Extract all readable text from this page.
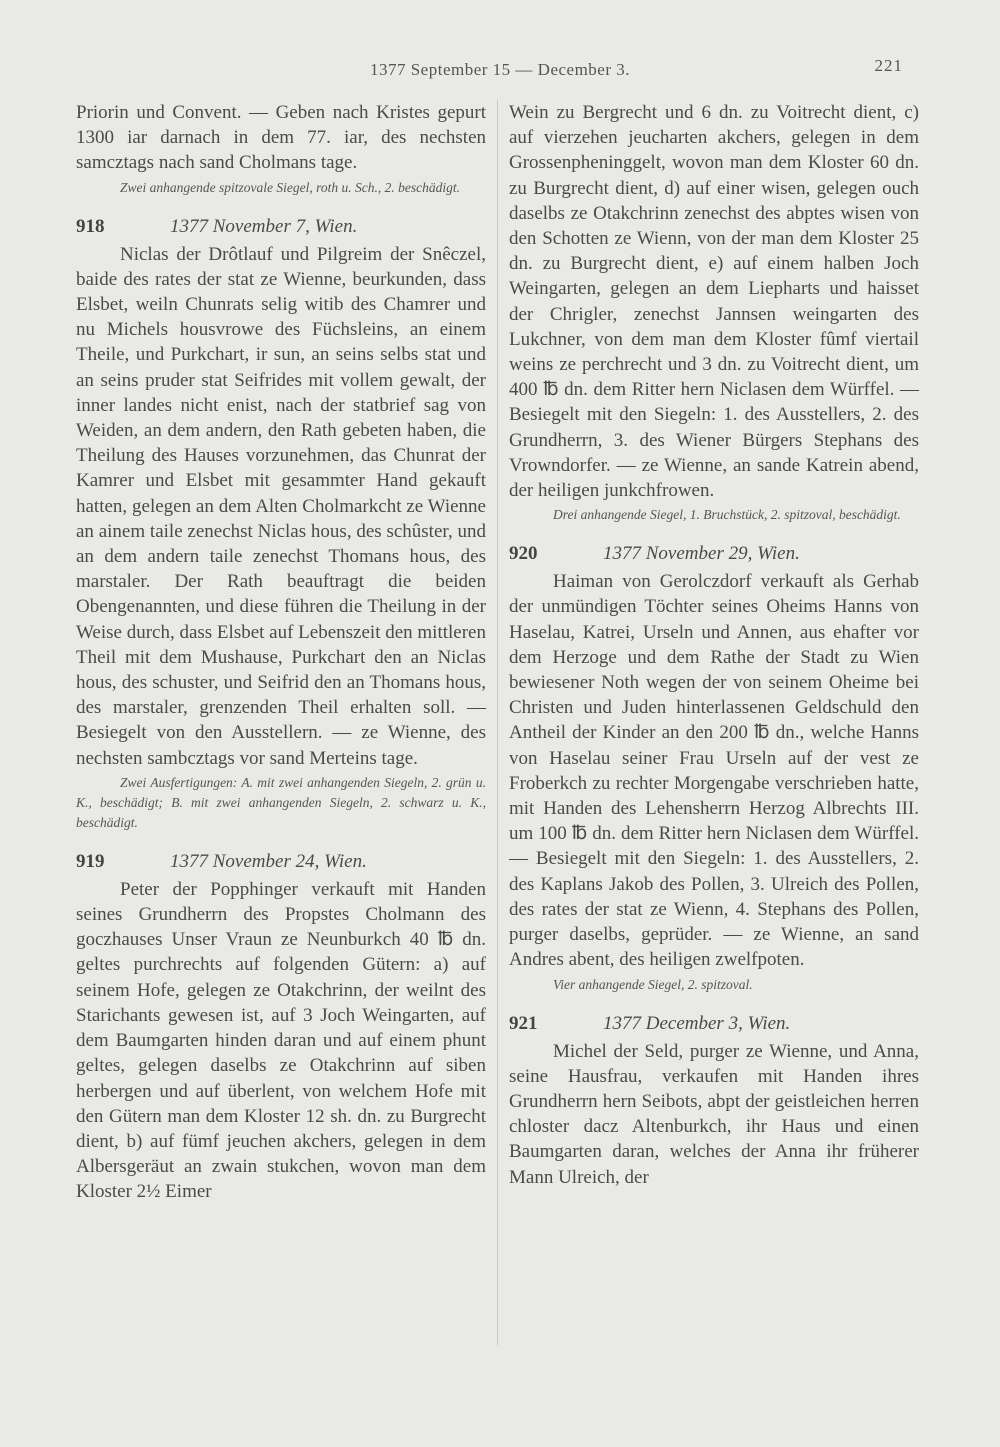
1377 September 15 — December 3.	221

Priorin und Convent. — Geben nach Kristes gepurt 1300 iar darnach in dem 77. iar, des nechsten samcztags nach sand Cholmans tage.

Zwei anhangende spitzovale Siegel, roth u. Sch., 2. beschädigt.

918	1377 November 7, Wien.

Niclas der Drôtlauf und Pilgreim der Snêczel, baide des rates der stat ze Wienne, beurkunden, dass Elsbet, weiln Chunrats selig witib des Chamrer und nu Michels housvrowe des Füchsleins, an einem Theile, und Purkchart, ir sun, an seins selbs stat und an seins pruder stat Seifrides mit vollem gewalt, der inner landes nicht enist, nach der statbrief sag von Weiden, an dem andern, den Rath gebeten haben, die Theilung des Hauses vorzunehmen, das Chunrat der Kamrer und Elsbet mit gesammter Hand gekauft hatten, gelegen an dem Alten Cholmarkcht ze Wienne an ainem taile zenechst Niclas hous, des schûster, und an dem andern taile zenechst Thomans hous, des marstaler. Der Rath beauftragt die beiden Obengenannten, und diese führen die Theilung in der Weise durch, dass Elsbet auf Lebenszeit den mittleren Theil mit dem Mushause, Purkchart den an Niclas hous, des schuster, und Seifrid den an Thomans hous, des marstaler, grenzenden Theil erhalten soll. — Besiegelt von den Ausstellern. — ze Wienne, des nechsten sambcztags vor sand Merteins tage.

Zwei Ausfertigungen: A. mit zwei anhangenden Siegeln, 2. grün u. K., beschädigt; B. mit zwei anhangenden Siegeln, 2. schwarz u. K., beschädigt.

919	1377 November 24, Wien.

Peter der Popphinger verkauft mit Handen seines Grundherrn des Propstes Cholmann des goczhauses Unser Vraun ze Neunburkch 40 ℔ dn. geltes purchrechts auf folgenden Gütern: a) auf seinem Hofe, gelegen ze Otakchrinn, der weilnt des Starichants gewesen ist, auf 3 Joch Weingarten, auf dem Baumgarten hinden daran und auf einem phunt geltes, gelegen daselbs ze Otakchrinn auf siben herbergen und auf überlent, von welchem Hofe mit den Gütern man dem Kloster 12 sh. dn. zu Burgrecht dient, b) auf fümf jeuchen akchers, gelegen in dem Albersgeräut an zwain stukchen, wovon man dem Kloster 2½ Eimer

Wein zu Bergrecht und 6 dn. zu Voitrecht dient, c) auf vierzehen jeucharten akchers, gelegen in dem Grossenpheninggelt, wovon man dem Kloster 60 dn. zu Burgrecht dient, d) auf einer wisen, gelegen ouch daselbs ze Otakchrinn zenechst des abptes wisen von den Schotten ze Wienn, von der man dem Kloster 25 dn. zu Burgrecht dient, e) auf einem halben Joch Weingarten, gelegen an dem Liepharts und haisset der Chrigler, zenechst Jannsen weingarten des Lukchner, von dem man dem Kloster fûmf viertail weins ze perchrecht und 3 dn. zu Voitrecht dient, um 400 ℔ dn. dem Ritter hern Niclasen dem Würffel. — Besiegelt mit den Siegeln: 1. des Ausstellers, 2. des Grundherrn, 3. des Wiener Bürgers Stephans des Vrowndorfer. — ze Wienne, an sande Katrein abend, der heiligen junkchfrowen.

Drei anhangende Siegel, 1. Bruchstück, 2. spitzoval, beschädigt.

920	1377 November 29, Wien.

Haiman von Gerolczdorf verkauft als Gerhab der unmündigen Töchter seines Oheims Hanns von Haselau, Katrei, Urseln und Annen, aus ehafter vor dem Herzoge und dem Rathe der Stadt zu Wien bewiesener Noth wegen der von seinem Oheime bei Christen und Juden hinterlassenen Geldschuld den Antheil der Kinder an den 200 ℔ dn., welche Hanns von Haselau seiner Frau Urseln auf der vest ze Froberkch zu rechter Morgengabe verschrieben hatte, mit Handen des Lehensherrn Herzog Albrechts III. um 100 ℔ dn. dem Ritter hern Niclasen dem Würffel. — Besiegelt mit den Siegeln: 1. des Ausstellers, 2. des Kaplans Jakob des Pollen, 3. Ulreich des Pollen, des rates der stat ze Wienn, 4. Stephans des Pollen, purger daselbs, geprüder. — ze Wienne, an sand Andres abent, des heiligen zwelfpoten.

Vier anhangende Siegel, 2. spitzoval.

921	1377 December 3, Wien.

Michel der Seld, purger ze Wienne, und Anna, seine Hausfrau, verkaufen mit Handen ihres Grundherrn hern Seibots, abpt der geistleichen herren chloster dacz Altenburkch, ihr Haus und einen Baumgarten daran, welches der Anna ihr früherer Mann Ulreich, der
